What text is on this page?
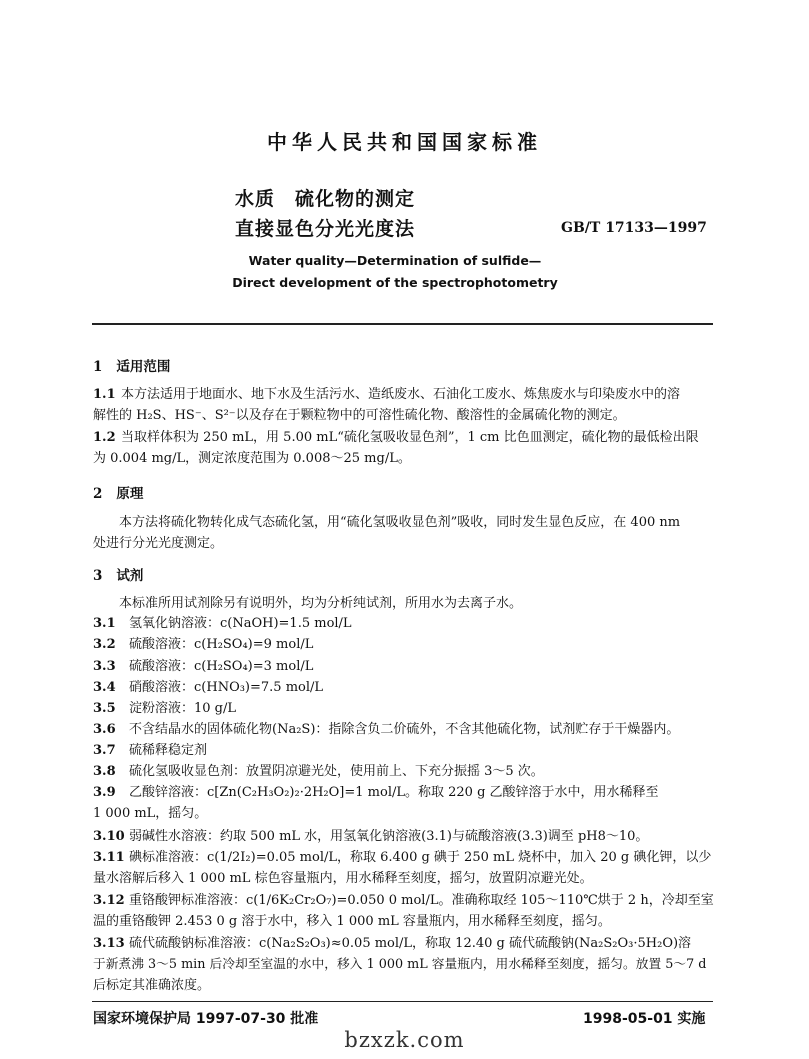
中华人民共和国国家标准
水质　硫化物的测定
直接显色分光光度法	GB/T 17133—1997
Water quality—Determination of sulfide—
Direct development of the spectrophotometry
1 适用范围
1.1 本方法适用于地面水、地下水及生活污水、造纸废水、石油化工废水、炼焦废水与印染废水中的溶
解性的 H₂S、HS⁻、S²⁻以及存在于颗粒物中的可溶性硫化物、酸溶性的金属硫化物的测定。
1.2 当取样体积为 250 mL，用 5.00 mL“硫化氢吸收显色剂”，1 cm 比色皿测定，硫化物的最低检出限
为 0.004 mg/L，测定浓度范围为 0.008～25 mg/L。
2 原理
本方法将硫化物转化成气态硫化氢，用“硫化氢吸收显色剂”吸收，同时发生显色反应，在 400 nm
处进行分光光度测定。
3 试剂
本标准所用试剂除另有说明外，均为分析纯试剂，所用水为去离子水。
3.1 氢氧化钠溶液：c(NaOH)=1.5 mol/L
3.2 硫酸溶液：c(H₂SO₄)=9 mol/L
3.3 硫酸溶液：c(H₂SO₄)=3 mol/L
3.4 硝酸溶液：c(HNO₃)=7.5 mol/L
3.5 淀粉溶液：10 g/L
3.6 不含结晶水的固体硫化物(Na₂S)：指除含负二价硫外，不含其他硫化物，试剂贮存于干燥器内。
3.7 硫稀释稳定剂
3.8 硫化氢吸收显色剂：放置阴凉避光处，使用前上、下充分振摇 3～5 次。
3.9 乙酸锌溶液：c[Zn(C₂H₃O₂)₂·2H₂O]=1 mol/L。称取 220 g 乙酸锌溶于水中，用水稀释至
1 000 mL，摇匀。
3.10 弱碱性水溶液：约取 500 mL 水，用氢氧化钠溶液(3.1)与硫酸溶液(3.3)调至 pH8～10。
3.11 碘标准溶液：c(1/2I₂)=0.05 mol/L，称取 6.400 g 碘于 250 mL 烧杯中，加入 20 g 碘化钾，以少
量水溶解后移入 1 000 mL 棕色容量瓶内，用水稀释至刻度，摇匀，放置阴凉避光处。
3.12 重铬酸钾标准溶液：c(1/6K₂Cr₂O₇)=0.050 0 mol/L。准确称取经 105～110℃烘于 2 h，冷却至室
温的重铬酸钾 2.453 0 g 溶于水中，移入 1 000 mL 容量瓶内，用水稀释至刻度，摇匀。
3.13 硫代硫酸钠标准溶液：c(Na₂S₂O₃)≈0.05 mol/L，称取 12.40 g 硫代硫酸钠(Na₂S₂O₃·5H₂O)溶
于新煮沸 3～5 min 后冷却至室温的水中，移入 1 000 mL 容量瓶内，用水稀释至刻度，摇匀。放置 5～7 d
后标定其准确浓度。
国家环境保护局 1997-07-30 批准	1998-05-01 实施
bzxzk.com
